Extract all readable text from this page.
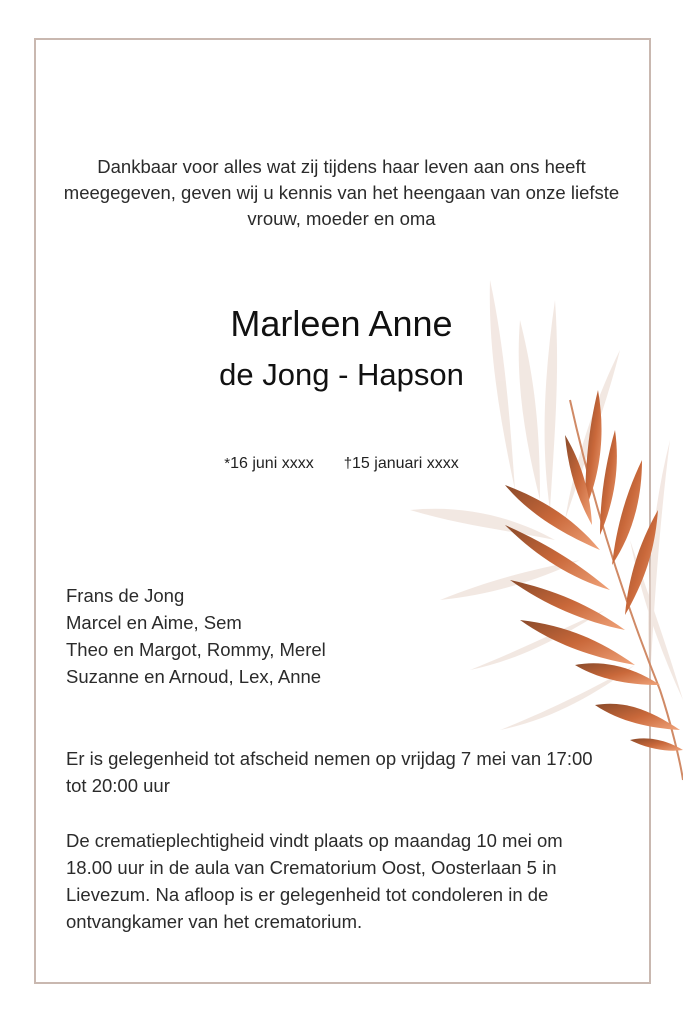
Dankbaar voor alles wat zij tijdens haar leven aan ons heeft meegegeven, geven wij u kennis van het heengaan van onze liefste vrouw, moeder en oma
Marleen Anne
de Jong - Hapson
*16 juni xxxx †15 januari xxxx
Frans de Jong
Marcel en Aime, Sem
Theo en Margot, Rommy, Merel
Suzanne en Arnoud, Lex, Anne
Er is gelegenheid tot afscheid nemen op vrijdag 7 mei van 17:00 tot 20:00 uur
De crematieplechtigheid vindt plaats op maandag 10 mei om 18.00 uur in de aula van Crematorium Oost, Oosterlaan 5 in Lievezum. Na afloop is er gelegenheid tot condoleren in de ontvangkamer van het crematorium.
